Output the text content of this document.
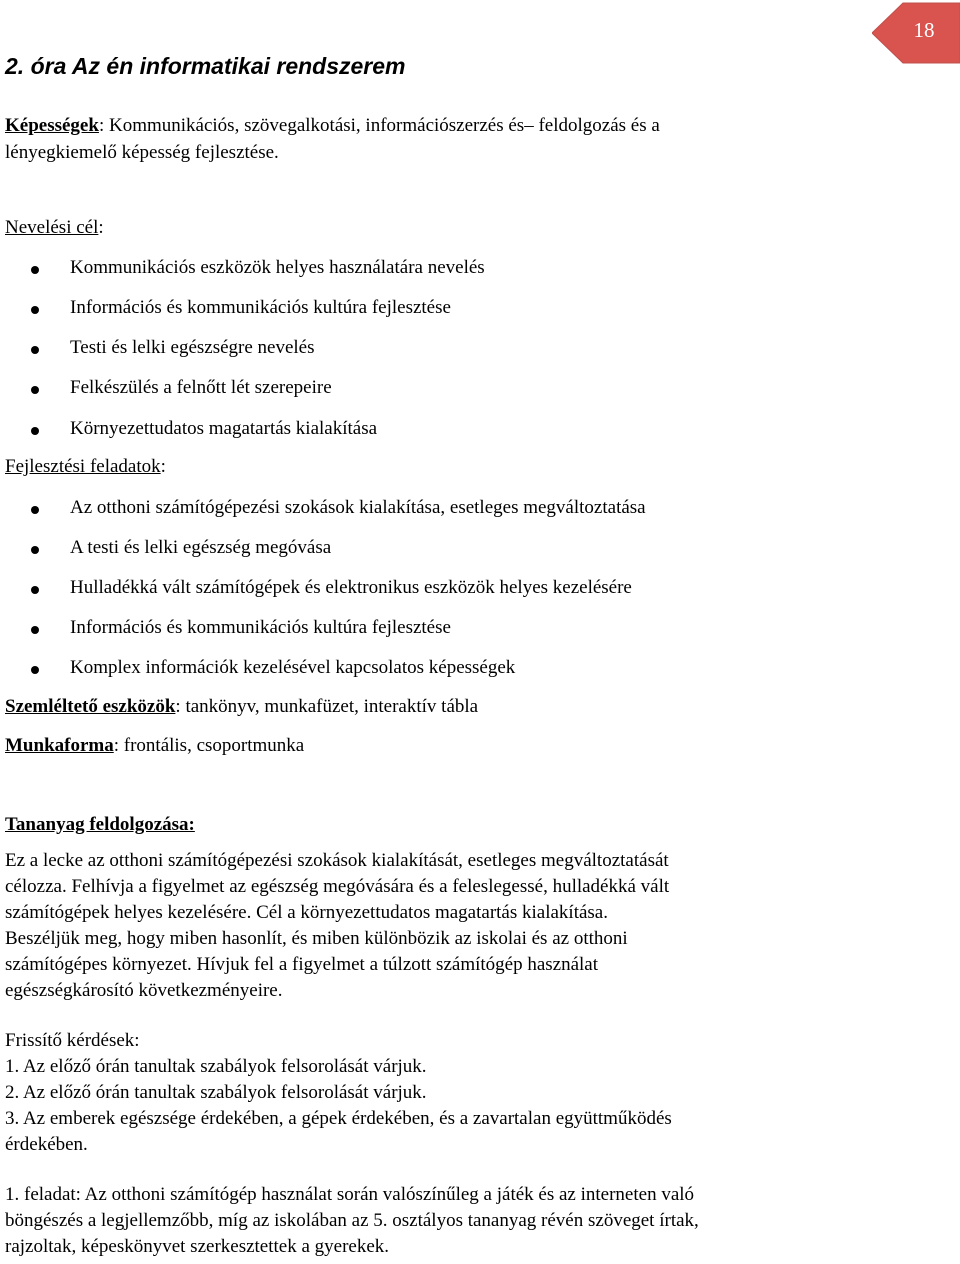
18
2. óra Az én informatikai rendszerem
Képességek: Kommunikációs, szövegalkotási, információszerzés és– feldolgozás és a
lényegkiemelő képesség fejlesztése.
Nevelési cél:
Kommunikációs eszközök helyes használatára nevelés
Információs és kommunikációs kultúra fejlesztése
Testi és lelki egészségre nevelés
Felkészülés a felnőtt lét szerepeire
Környezettudatos magatartás kialakítása
Fejlesztési feladatok:
Az otthoni számítógépezési szokások kialakítása, esetleges megváltoztatása
A testi és lelki egészség megóvása
Hulladékká vált számítógépek és elektronikus eszközök helyes kezelésére
Információs és kommunikációs kultúra fejlesztése
Komplex információk kezelésével kapcsolatos képességek
Szemléltető eszközök: tankönyv, munkafüzet, interaktív tábla
Munkaforma: frontális, csoportmunka
Tananyag feldolgozása:
Ez a lecke az otthoni számítógépezési szokások kialakítását, esetleges megváltoztatását
célozza. Felhívja a figyelmet az egészség megóvására és a feleslegessé, hulladékká vált
számítógépek helyes kezelésére. Cél a környezettudatos magatartás kialakítása.
Beszéljük meg, hogy miben hasonlít, és miben különbözik az iskolai és az otthoni
számítógépes környezet. Hívjuk fel a figyelmet a túlzott számítógép használat
egészségkárosító következményeire.
Frissítő kérdések:
1. Az előző órán tanultak szabályok felsorolását várjuk.
2. Az előző órán tanultak szabályok felsorolását várjuk.
3. Az emberek egészsége érdekében, a gépek érdekében, és a zavartalan együttműködés
érdekében.
1. feladat: Az otthoni számítógép használat során valószínűleg a játék és az interneten való
böngészés a legjellemzőbb, míg az iskolában az 5. osztályos tananyag révén szöveget írtak,
rajzoltak, képeskönyvet szerkesztettek a gyerekek.
